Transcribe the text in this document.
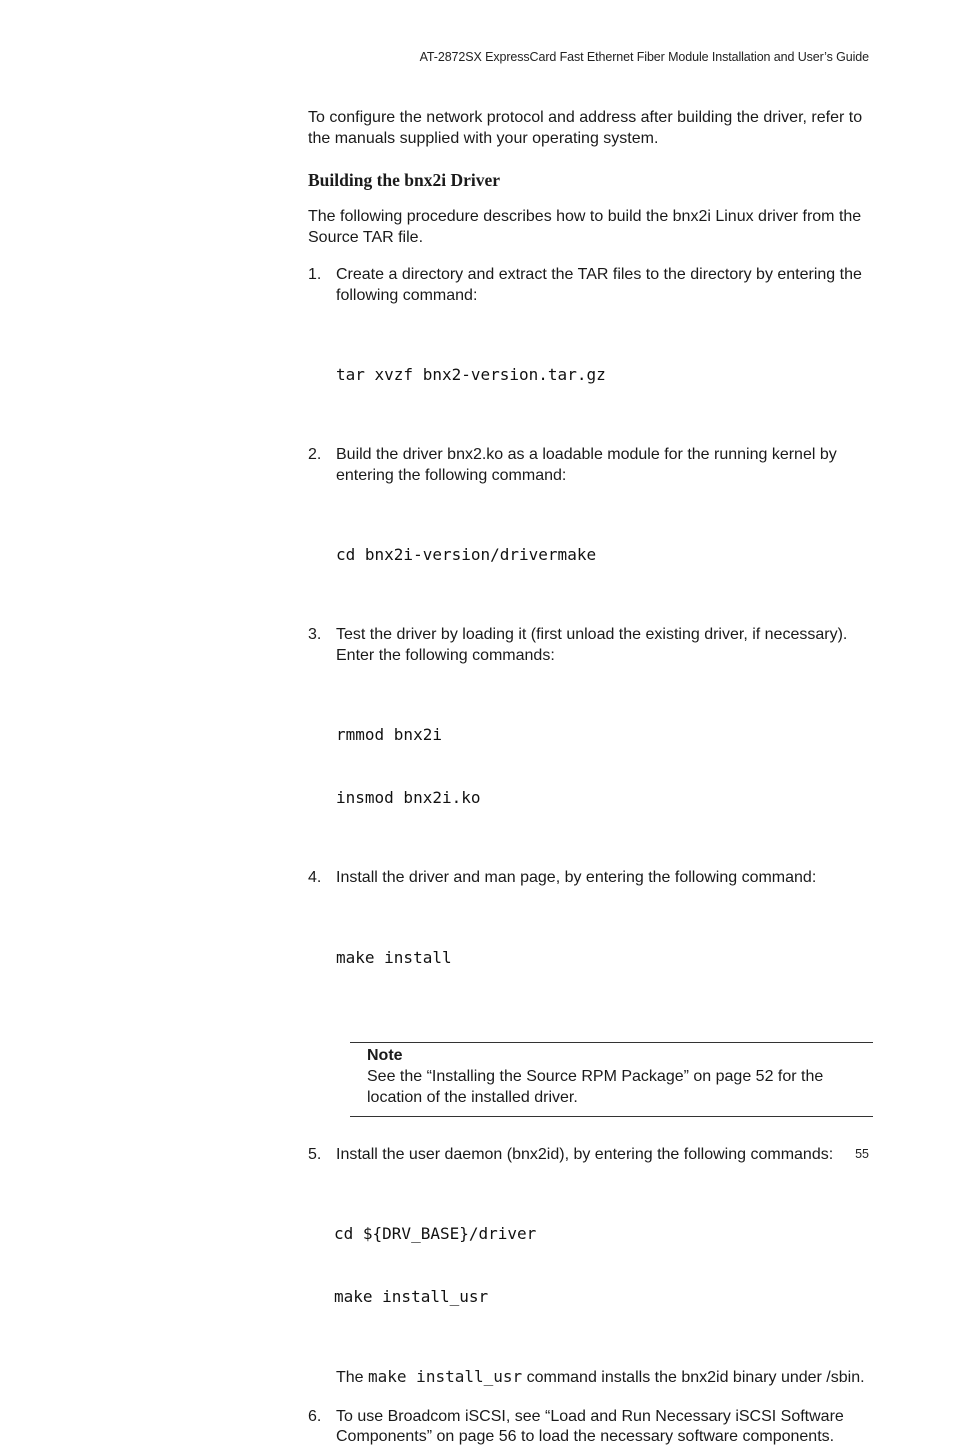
AT-2872SX ExpressCard Fast Ethernet Fiber Module Installation and User’s Guide

To configure the network protocol and address after building the driver, refer to the manuals supplied with your operating system.

Building the bnx2i Driver

The following procedure describes how to build the bnx2i Linux driver from the Source TAR file.

1. Create a directory and extract the TAR files to the directory by entering the following command:

tar xvzf bnx2-version.tar.gz

2. Build the driver bnx2.ko as a loadable module for the running kernel by entering the following command:

cd bnx2i-version/drivermake

3. Test the driver by loading it (first unload the existing driver, if necessary). Enter the following commands:

rmmod bnx2i

insmod bnx2i.ko

4. Install the driver and man page, by entering the following command:

make install

Note
See the “Installing the Source RPM Package” on page 52 for the location of the installed driver.
5. Install the user daemon (bnx2id), by entering the following commands:

cd ${DRV_BASE}/driver

make install_usr

The make install_usr command installs the bnx2id binary under /sbin.

6. To use Broadcom iSCSI, see “Load and Run Necessary iSCSI Software Components” on page 56 to load the necessary software components.

55
